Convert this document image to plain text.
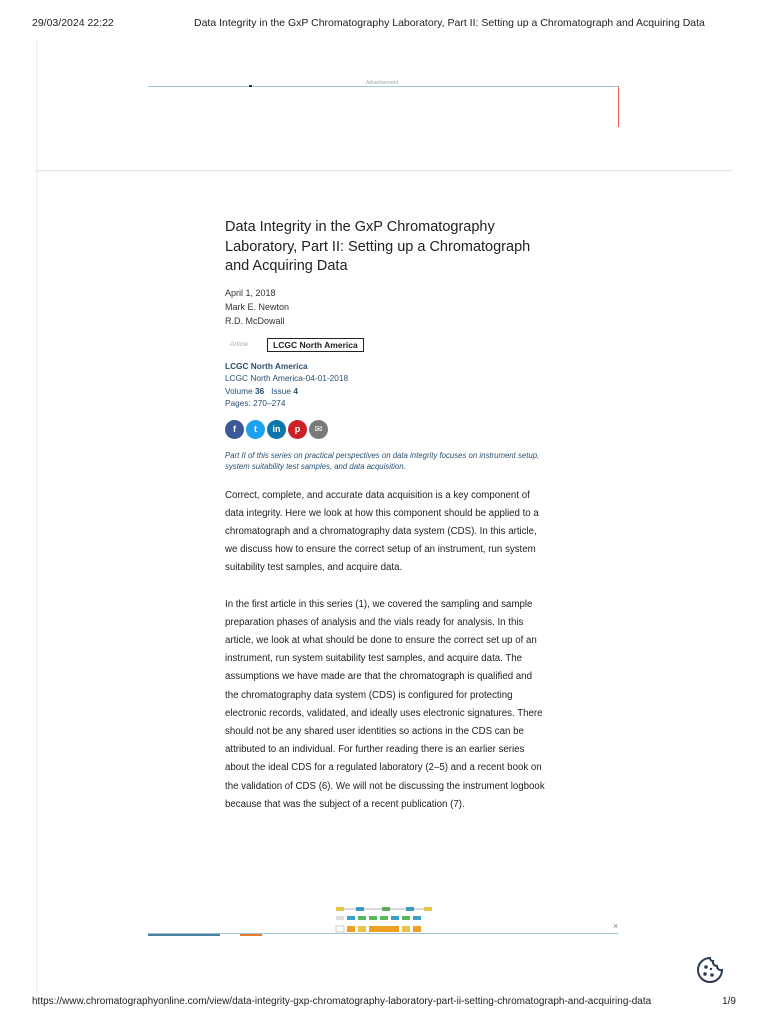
29/03/2024 22:22	Data Integrity in the GxP Chromatography Laboratory, Part II: Setting up a Chromatograph and Acquiring Data
Advertisement
Data Integrity in the GxP Chromatography Laboratory, Part II: Setting up a Chromatograph and Acquiring Data
April 1, 2018
Mark E. Newton
R.D. McDowall
Article	LCGC North America
LCGC North America
LCGC North America-04-01-2018
Volume 36 Issue 4
Pages: 270–274
f	t	in	p	✉
Part II of this series on practical perspectives on data integrity focuses on instrument setup, system suitability test samples, and data acquisition.

Correct, complete, and accurate data acquisition is a key component of data integrity. Here we look at how this component should be applied to a chromatograph and a chromatography data system (CDS). In this article, we discuss how to ensure the correct setup of an instrument, run system suitability test samples, and acquire data.

In the first article in this series (1), we covered the sampling and sample preparation phases of analysis and the vials ready for analysis. In this article, we look at what should be done to ensure the correct set up of an instrument, run system suitability test samples, and acquire data. The assumptions we have made are that the chromatograph is qualified and the chromatography data system (CDS) is configured for protecting electronic records, validated, and ideally uses electronic signatures. There should not be any shared user identities so actions in the CDS can be attributed to an individual. For further reading there is an earlier series about the ideal CDS for a regulated laboratory (2–5) and a recent book on the validation of CDS (6). We will not be discussing the instrument logbook because that was the subject of a recent publication (7).

×
https://www.chromatographyonline.com/view/data-integrity-gxp-chromatography-laboratory-part-ii-setting-chromatograph-and-acquiring-data	1/9
